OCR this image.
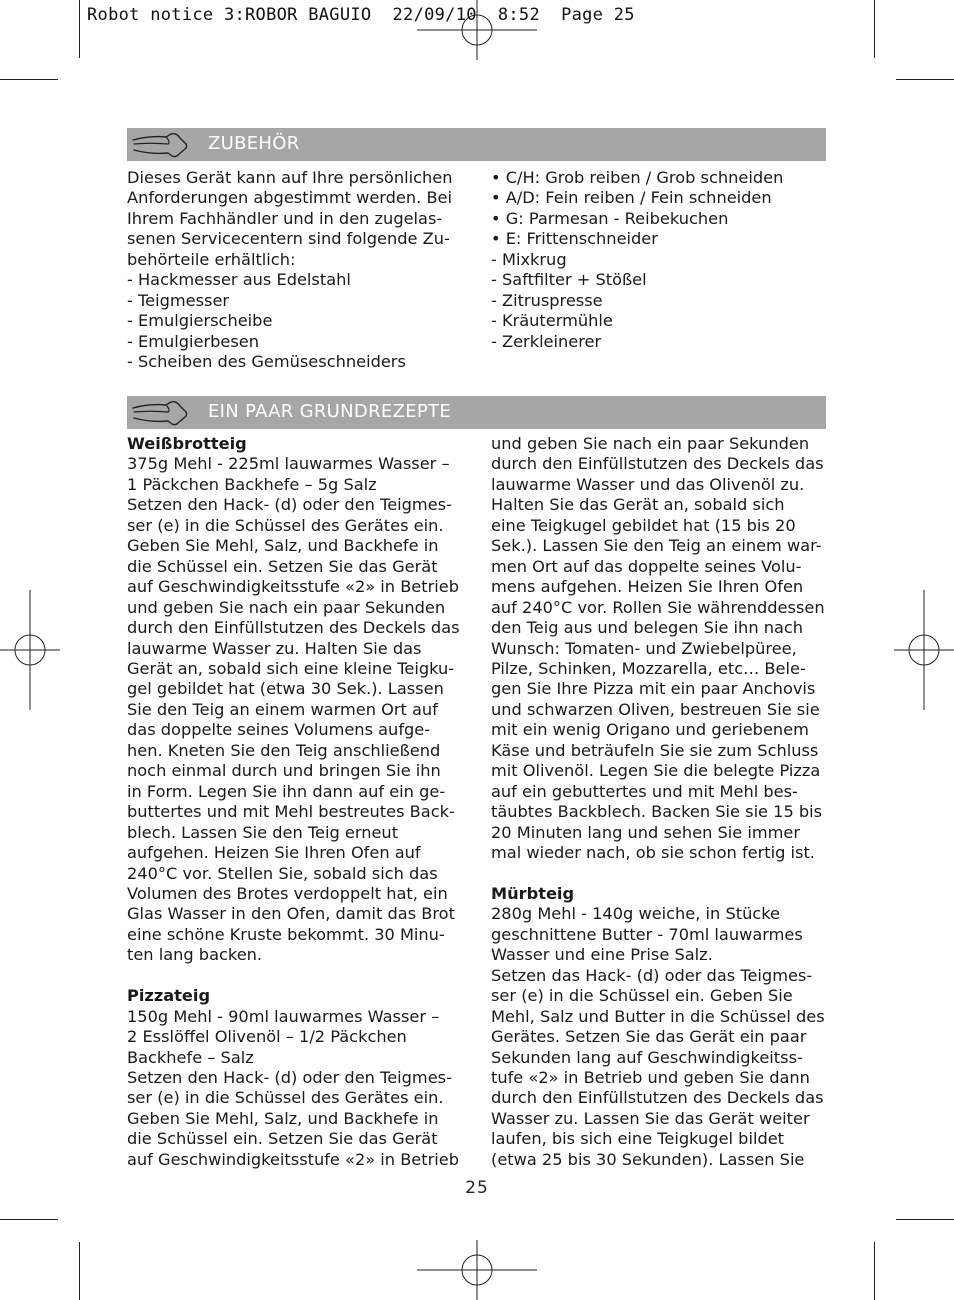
Robot notice 3:ROBOR BAGUIO  22/09/10  8:52  Page 25
ZUBEHÖR
Dieses Gerät kann auf Ihre persönlichen
Anforderungen abgestimmt werden. Bei
Ihrem Fachhändler und in den zugelas-
senen Servicecentern sind folgende Zu-
behörteile erhältlich:
- Hackmesser aus Edelstahl
- Teigmesser
- Emulgierscheibe
- Emulgierbesen
- Scheiben des Gemüseschneiders
• C/H: Grob reiben / Grob schneiden
• A/D: Fein reiben / Fein schneiden
• G: Parmesan - Reibekuchen
• E: Frittenschneider
- Mixkrug
- Saftfilter + Stößel
- Zitruspresse
- Kräutermühle
- Zerkleinerer
EIN PAAR GRUNDREZEPTE
Weißbrotteig
375g Mehl - 225ml lauwarmes Wasser –
1 Päckchen Backhefe – 5g Salz
Setzen den Hack- (d) oder den Teigmes-
ser (e) in die Schüssel des Gerätes ein.
Geben Sie Mehl, Salz, und Backhefe in
die Schüssel ein. Setzen Sie das Gerät
auf Geschwindigkeitsstufe «2» in Betrieb
und geben Sie nach ein paar Sekunden
durch den Einfüllstutzen des Deckels das
lauwarme Wasser zu. Halten Sie das
Gerät an, sobald sich eine kleine Teigku-
gel gebildet hat (etwa 30 Sek.). Lassen
Sie den Teig an einem warmen Ort auf
das doppelte seines Volumens aufge-
hen. Kneten Sie den Teig anschließend
noch einmal durch und bringen Sie ihn
in Form. Legen Sie ihn dann auf ein ge-
buttertes und mit Mehl bestreutes Back-
blech. Lassen Sie den Teig erneut
aufgehen. Heizen Sie Ihren Ofen auf
240°C vor. Stellen Sie, sobald sich das
Volumen des Brotes verdoppelt hat, ein
Glas Wasser in den Ofen, damit das Brot
eine schöne Kruste bekommt. 30 Minu-
ten lang backen.
Pizzateig
150g Mehl - 90ml lauwarmes Wasser –
2 Esslöffel Olivenöl – 1/2 Päckchen
Backhefe – Salz
Setzen den Hack- (d) oder den Teigmes-
ser (e) in die Schüssel des Gerätes ein.
Geben Sie Mehl, Salz, und Backhefe in
die Schüssel ein. Setzen Sie das Gerät
auf Geschwindigkeitsstufe «2» in Betrieb
und geben Sie nach ein paar Sekunden
durch den Einfüllstutzen des Deckels das
lauwarme Wasser und das Olivenöl zu.
Halten Sie das Gerät an, sobald sich
eine Teigkugel gebildet hat (15 bis 20
Sek.). Lassen Sie den Teig an einem war-
men Ort auf das doppelte seines Volu-
mens aufgehen. Heizen Sie Ihren Ofen
auf 240°C vor. Rollen Sie währenddessen
den Teig aus und belegen Sie ihn nach
Wunsch: Tomaten- und Zwiebelpüree,
Pilze, Schinken, Mozzarella, etc… Bele-
gen Sie Ihre Pizza mit ein paar Anchovis
und schwarzen Oliven, bestreuen Sie sie
mit ein wenig Origano und geriebenem
Käse und beträufeln Sie sie zum Schluss
mit Olivenöl. Legen Sie die belegte Pizza
auf ein gebuttertes und mit Mehl bes-
täubtes Backblech. Backen Sie sie 15 bis
20 Minuten lang und sehen Sie immer
mal wieder nach, ob sie schon fertig ist.
Mürbteig
280g Mehl - 140g weiche, in Stücke
geschnittene Butter - 70ml lauwarmes
Wasser und eine Prise Salz.
Setzen das Hack- (d) oder das Teigmes-
ser (e) in die Schüssel ein. Geben Sie
Mehl, Salz und Butter in die Schüssel des
Gerätes. Setzen Sie das Gerät ein paar
Sekunden lang auf Geschwindigkeitss-
tufe «2» in Betrieb und geben Sie dann
durch den Einfüllstutzen des Deckels das
Wasser zu. Lassen Sie das Gerät weiter
laufen, bis sich eine Teigkugel bildet
(etwa 25 bis 30 Sekunden). Lassen Sie
25
